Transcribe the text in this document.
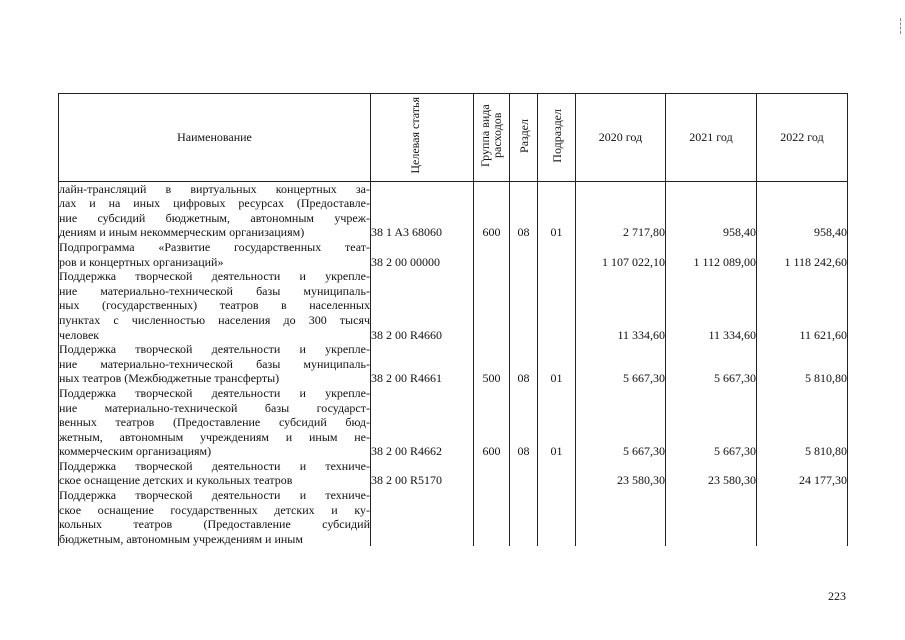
Наименование	Целевая статья	Группа вида расходов	Раздел	Подраздел	2020 год	2021 год	2022 год

лайн-трансляций в виртуальных концертных за-
лах и на иных цифровых ресурсах (Предоставле-
ние субсидий бюджетным, автономным учреж-
дениям и иным некоммерческим организациям)	38 1 A3 68060	600	08	01	2 717,80	958,40	958,40

Подпрограмма «Развитие государственных теат-
ров и концертных организаций»	38 2 00 00000				1 107 022,10	1 112 089,00	1 118 242,60

Поддержка творческой деятельности и укрепле-
ние материально-технической базы муниципаль-
ных (государственных) театров в населенных
пунктах с численностью населения до 300 тысяч
человек	38 2 00 R4660				11 334,60	11 334,60	11 621,60

Поддержка творческой деятельности и укрепле-
ние материально-технической базы муниципаль-
ных театров (Межбюджетные трансферты)	38 2 00 R4661	500	08	01	5 667,30	5 667,30	5 810,80

Поддержка творческой деятельности и укрепле-
ние материально-технической базы государст-
венных театров (Предоставление субсидий бюд-
жетным, автономным учреждениям и иным не-
коммерческим организациям)	38 2 00 R4662	600	08	01	5 667,30	5 667,30	5 810,80

Поддержка творческой деятельности и техниче-
ское оснащение детских и кукольных театров	38 2 00 R5170				23 580,30	23 580,30	24 177,30

Поддержка творческой деятельности и техниче-
ское оснащение государственных детских и ку-
кольных театров (Предоставление субсидий
бюджетным, автономным учреждениям и иным							

223
